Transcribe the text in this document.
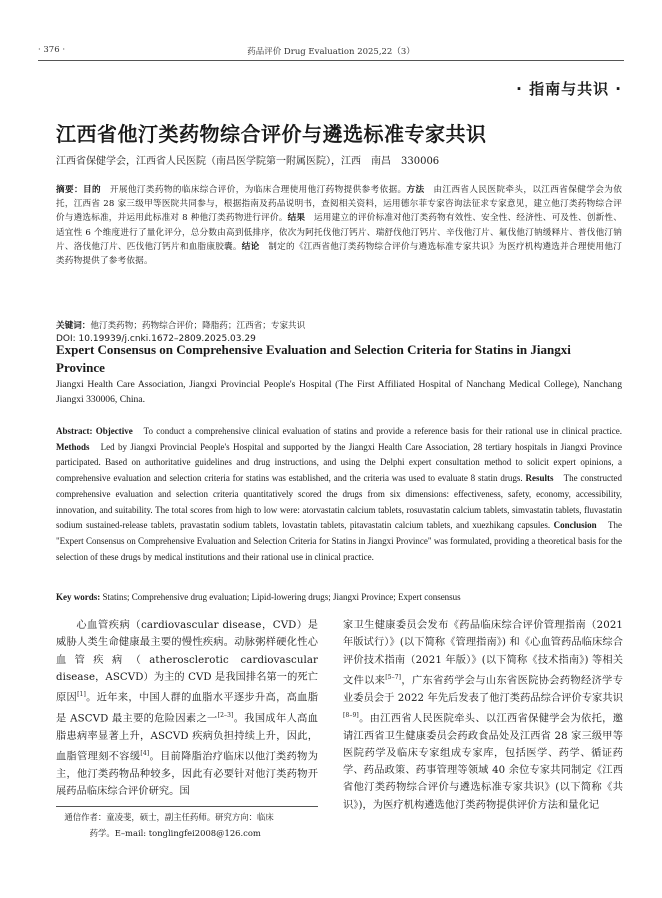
· 376 ·	药品评价 Drug Evaluation 2025,22（3）
· 指南与共识 ·
江西省他汀类药物综合评价与遴选标准专家共识
江西省保健学会，江西省人民医院（南昌医学院第一附属医院），江西　南昌　330006
摘要：目的　开展他汀类药物的临床综合评价，为临床合理使用他汀药物提供参考依据。方法　由江西省人民医院牵头，以江西省保健学会为依托，江西省 28 家三级甲等医院共同参与，根据指南及药品说明书，查阅相关资料，运用德尔菲专家咨询法征求专家意见，建立他汀类药物综合评价与遴选标准，并运用此标准对 8 种他汀类药物进行评价。结果　运用建立的评价标准对他汀类药物有效性、安全性、经济性、可及性、创新性、适宜性 6 个维度进行了量化评分，总分数由高到低排序，依次为阿托伐他汀钙片、瑞舒伐他汀钙片、辛伐他汀片、氟伐他汀钠缓释片、普伐他汀钠片、洛伐他汀片、匹伐他汀钙片和血脂康胶囊。结论　制定的《江西省他汀类药物综合评价与遴选标准专家共识》为医疗机构遴选并合理使用他汀类药物提供了参考依据。
关键词：他汀类药物；药物综合评价；降脂药；江西省；专家共识
DOI: 10.19939/j.cnki.1672–2809.2025.03.29
Expert Consensus on Comprehensive Evaluation and Selection Criteria for Statins in Jiangxi Province
Jiangxi Health Care Association, Jiangxi Provincial People's Hospital (The First Affiliated Hospital of Nanchang Medical College), Nanchang Jiangxi 330006, China.
Abstract: Objective　To conduct a comprehensive clinical evaluation of statins and provide a reference basis for their rational use in clinical practice. Methods　Led by Jiangxi Provincial People's Hospital and supported by the Jiangxi Health Care Association, 28 tertiary hospitals in Jiangxi Province participated. Based on authoritative guidelines and drug instructions, and using the Delphi expert consultation method to solicit expert opinions, a comprehensive evaluation and selection criteria for statins was established, and the criteria was used to evaluate 8 statin drugs. Results　The constructed comprehensive evaluation and selection criteria quantitatively scored the drugs from six dimensions: effectiveness, safety, economy, accessibility, innovation, and suitability. The total scores from high to low were: atorvastatin calcium tablets, rosuvastatin calcium tablets, simvastatin tablets, fluvastatin sodium sustained-release tablets, pravastatin sodium tablets, lovastatin tablets, pitavastatin calcium tablets, and xuezhikang capsules. Conclusion　The "Expert Consensus on Comprehensive Evaluation and Selection Criteria for Statins in Jiangxi Province" was formulated, providing a theoretical basis for the selection of these drugs by medical institutions and their rational use in clinical practice.
Key words: Statins; Comprehensive drug evaluation; Lipid-lowering drugs; Jiangxi Province; Expert consensus
心血管疾病（cardiovascular disease，CVD）是威胁人类生命健康最主要的慢性疾病。动脉粥样硬化性心血管疾病（atherosclerotic cardiovascular disease，ASCVD）为主的 CVD 是我国排名第一的死亡原因[1]。近年来，中国人群的血脂水平逐步升高，高血脂是 ASCVD 最主要的危险因素之一[2–3]。我国成年人高血脂患病率显著上升，ASCVD 疾病负担持续上升，因此，血脂管理刻不容缓[4]。目前降脂治疗临床以他汀类药物为主，他汀类药物品种较多，因此有必要针对他汀类药物开展药品临床综合评价研究。国
通信作者：童凌斐，硕士，副主任药师。研究方向：临床
药学。E–mail: tonglingfei2008@126.com
家卫生健康委员会发布《药品临床综合评价管理指南（2021 年版试行）》(以下简称《管理指南》) 和《心血管药品临床综合评价技术指南（2021 年版）》(以下简称《技术指南》) 等相关文件以来[5–7]，广东省药学会与山东省医院协会药物经济学专业委员会于 2022 年先后发表了他汀类药品综合评价专家共识[8–9]。由江西省人民医院牵头、以江西省保健学会为依托，邀请江西省卫生健康委员会药政食品处及江西省 28 家三级甲等医院药学及临床专家组成专家库，包括医学、药学、循证药学、药品政策、药事管理等领域 40 余位专家共同制定《江西省他汀类药物综合评价与遴选标准专家共识》(以下简称《共识》)，为医疗机构遴选他汀类药物提供评价方法和量化记
